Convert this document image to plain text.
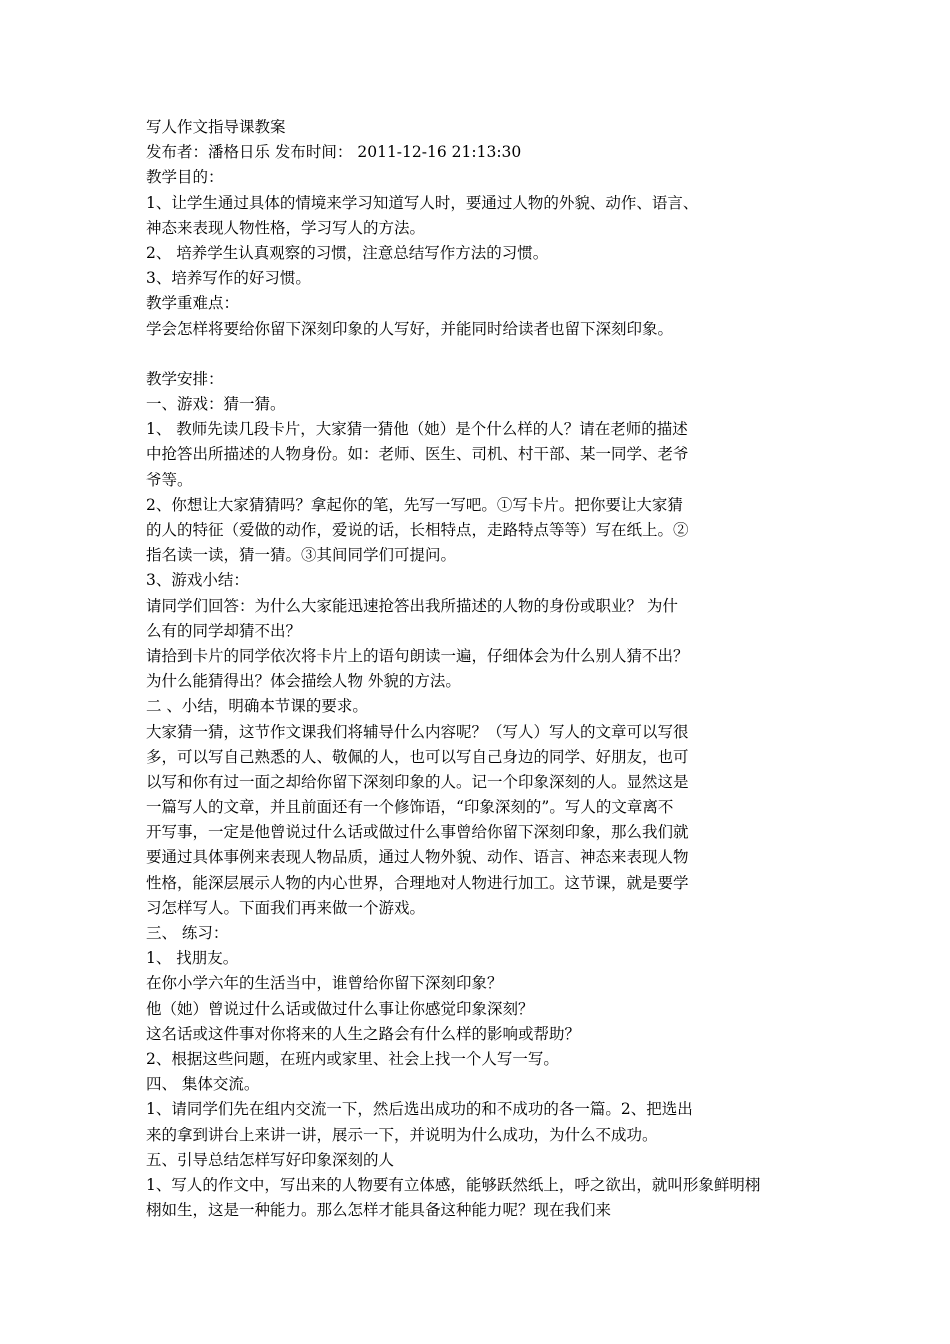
写人作文指导课教案
发布者：潘格日乐 发布时间： 2011-12-16 21:13:30
教学目的：
1、让学生通过具体的情境来学习知道写人时，要通过人物的外貌、动作、语言、
神态来表现人物性格，学习写人的方法。
2、 培养学生认真观察的习惯，注意总结写作方法的习惯。
3、培养写作的好习惯。
教学重难点：
学会怎样将要给你留下深刻印象的人写好，并能同时给读者也留下深刻印象。
教学安排：
一、游戏：猜一猜。
1、 教师先读几段卡片，大家猜一猜他（她）是个什么样的人？请在老师的描述
中抢答出所描述的人物身份。如：老师、医生、司机、村干部、某一同学、老爷
爷等。
2、你想让大家猜猜吗？拿起你的笔，先写一写吧。①写卡片。把你要让大家猜
的人的特征（爱做的动作，爱说的话，长相特点，走路特点等等）写在纸上。②
指名读一读，猜一猜。③其间同学们可提问。
3、游戏小结：
请同学们回答：为什么大家能迅速抢答出我所描述的人物的身份或职业？ 为什
么有的同学却猜不出？
请拾到卡片的同学依次将卡片上的语句朗读一遍，仔细体会为什么别人猜不出？
为什么能猜得出？体会描绘人物 外貌的方法。
二 、小结，明确本节课的要求。
大家猜一猜，这节作文课我们将辅导什么内容呢？（写人）写人的文章可以写很
多，可以写自己熟悉的人、敬佩的人，也可以写自己身边的同学、好朋友，也可
以写和你有过一面之却给你留下深刻印象的人。记一个印象深刻的人。显然这是
一篇写人的文章，并且前面还有一个修饰语，“印象深刻的”。写人的文章离不
开写事，一定是他曾说过什么话或做过什么事曾给你留下深刻印象，那么我们就
要通过具体事例来表现人物品质，通过人物外貌、动作、语言、神态来表现人物
性格，能深层展示人物的内心世界，合理地对人物进行加工。这节课，就是要学
习怎样写人。下面我们再来做一个游戏。
三、 练习：
1、 找朋友。
在你小学六年的生活当中，谁曾给你留下深刻印象？
他（她）曾说过什么话或做过什么事让你感觉印象深刻？
这名话或这件事对你将来的人生之路会有什么样的影响或帮助？
2、根据这些问题，在班内或家里、社会上找一个人写一写。
四、 集体交流。
1、请同学们先在组内交流一下，然后选出成功的和不成功的各一篇。2、把选出
来的拿到讲台上来讲一讲，展示一下，并说明为什么成功，为什么不成功。
五、引导总结怎样写好印象深刻的人
1、写人的作文中，写出来的人物要有立体感，能够跃然纸上，呼之欲出，就叫形象鲜明栩
栩如生，这是一种能力。那么怎样才能具备这种能力呢？现在我们来
